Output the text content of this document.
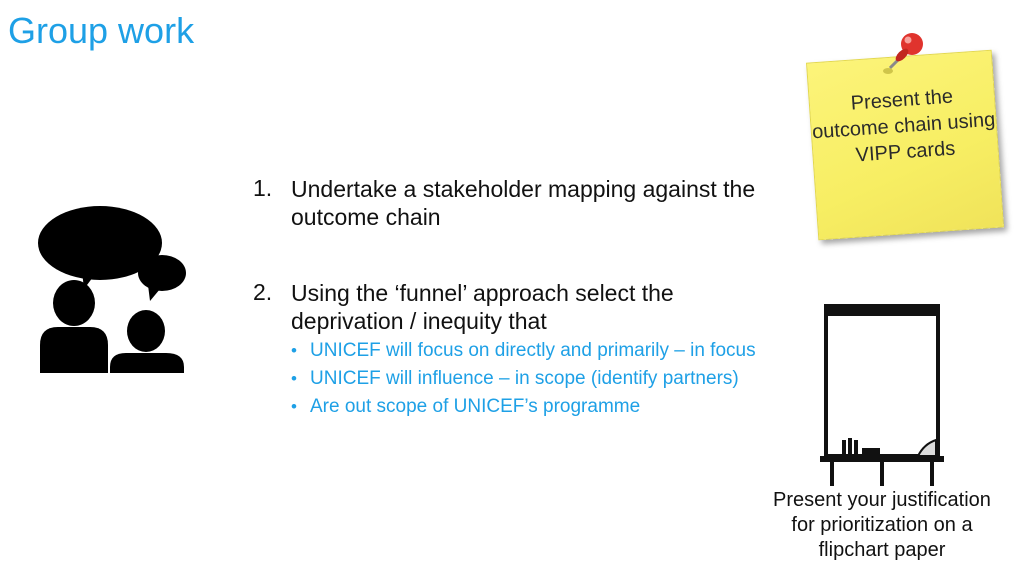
Group work
1. Undertake a stakeholder mapping against the outcome chain
2. Using the ‘funnel’ approach select the deprivation / inequity that
• UNICEF will focus on directly and primarily – in focus
• UNICEF will influence – in scope (identify partners)
• Are out scope of UNICEF’s programme
Present the outcome chain using VIPP cards
Present your justification for prioritization on a flipchart paper
